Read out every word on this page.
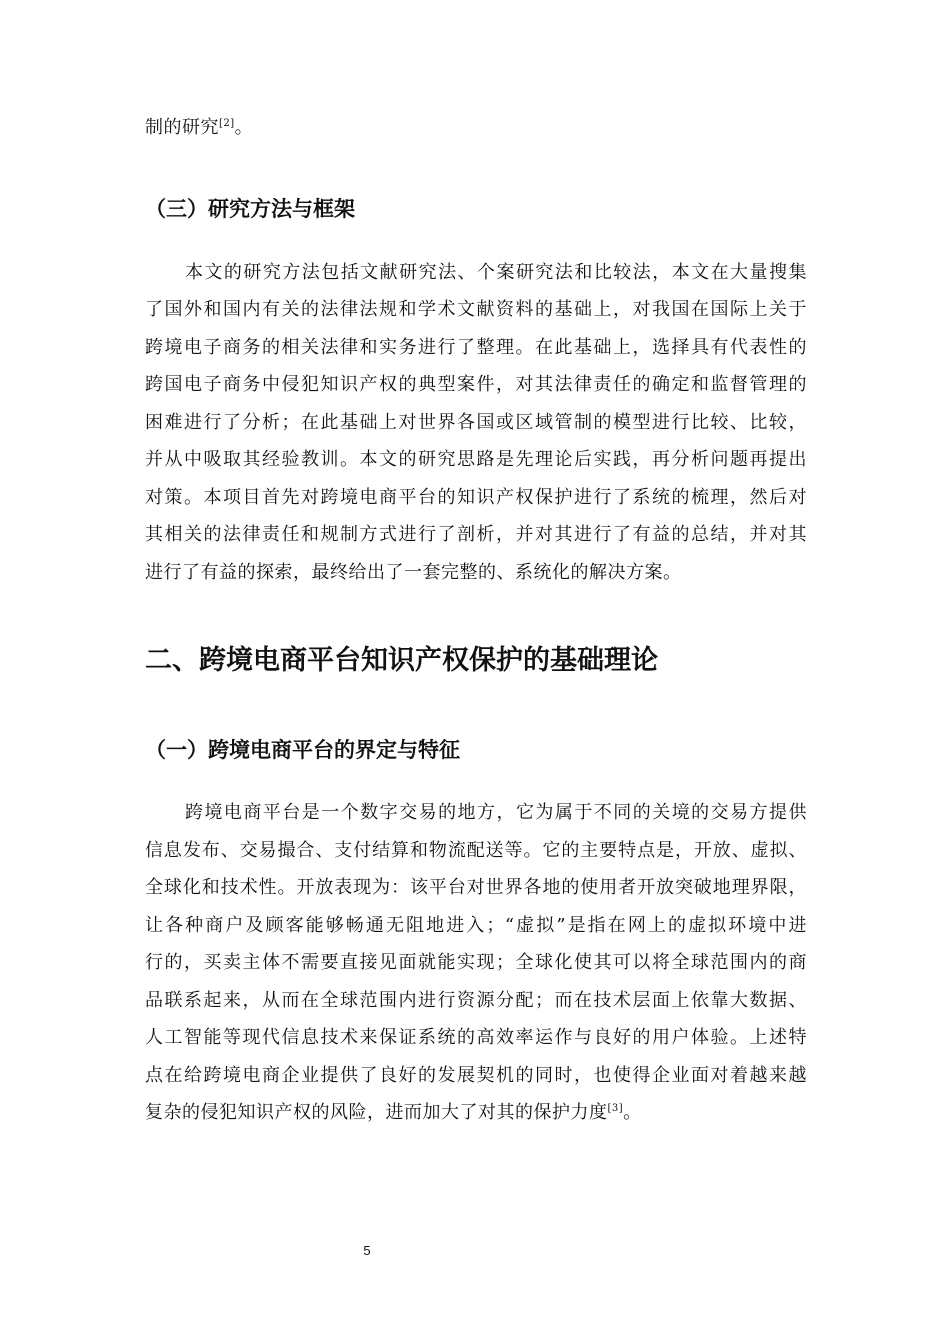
制的研究[2]。
（三）研究方法与框架
本文的研究方法包括文献研究法、个案研究法和比较法，本文在大量搜集
了国外和国内有关的法律法规和学术文献资料的基础上，对我国在国际上关于
跨境电子商务的相关法律和实务进行了整理。在此基础上，选择具有代表性的
跨国电子商务中侵犯知识产权的典型案件，对其法律责任的确定和监督管理的
困难进行了分析；在此基础上对世界各国或区域管制的模型进行比较、比较，
并从中吸取其经验教训。本文的研究思路是先理论后实践，再分析问题再提出
对策。本项目首先对跨境电商平台的知识产权保护进行了系统的梳理，然后对
其相关的法律责任和规制方式进行了剖析，并对其进行了有益的总结，并对其
进行了有益的探索，最终给出了一套完整的、系统化的解决方案。
二、跨境电商平台知识产权保护的基础理论
（一）跨境电商平台的界定与特征
跨境电商平台是一个数字交易的地方，它为属于不同的关境的交易方提供
信息发布、交易撮合、支付结算和物流配送等。它的主要特点是，开放、虚拟、
全球化和技术性。开放表现为：该平台对世界各地的使用者开放突破地理界限，
让各种商户及顾客能够畅通无阻地进入；“虚拟”是指在网上的虚拟环境中进
行的，买卖主体不需要直接见面就能实现；全球化使其可以将全球范围内的商
品联系起来，从而在全球范围内进行资源分配；而在技术层面上依靠大数据、
人工智能等现代信息技术来保证系统的高效率运作与良好的用户体验。上述特
点在给跨境电商企业提供了良好的发展契机的同时，也使得企业面对着越来越
复杂的侵犯知识产权的风险，进而加大了对其的保护力度[3]。
5
